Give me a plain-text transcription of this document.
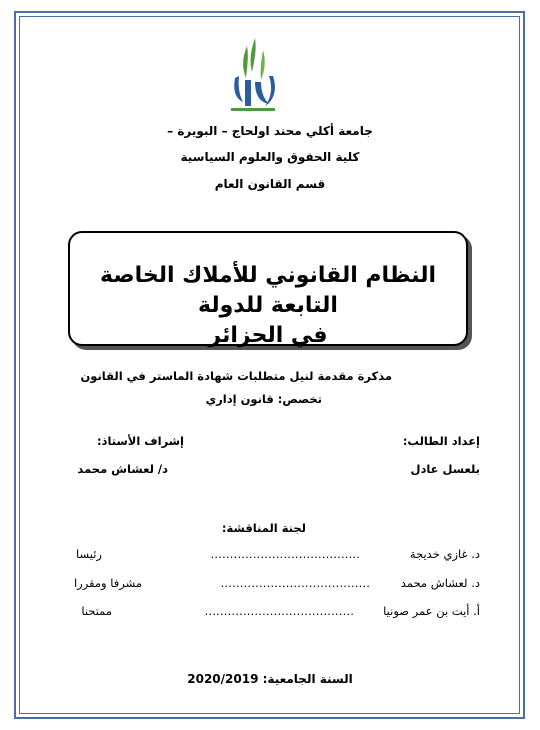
جامعة أكلي محند اولحاج – البويرة –
كلية الحقوق والعلوم السياسية
قسم القانون العام
النظام القانوني للأملاك الخاصة التابعة للدولة
في الجزائر
مذكرة مقدمة لنيل متطلبات شهادة الماستر في القانون
تخصص: قانون إداري
إعداد الطالب:
إشراف الأستاذ:
بلعسل عادل
د/ لعشاش محمد
لجنة المناقشة:
د. غازي خديجة
…………………………………
رئيسا
د. لعشاش محمد
…………………………………
مشرفا ومقررا
أ. أيت بن عمر صونيا
…………………………………
ممتحنا
السنة الجامعية: 2020/2019
